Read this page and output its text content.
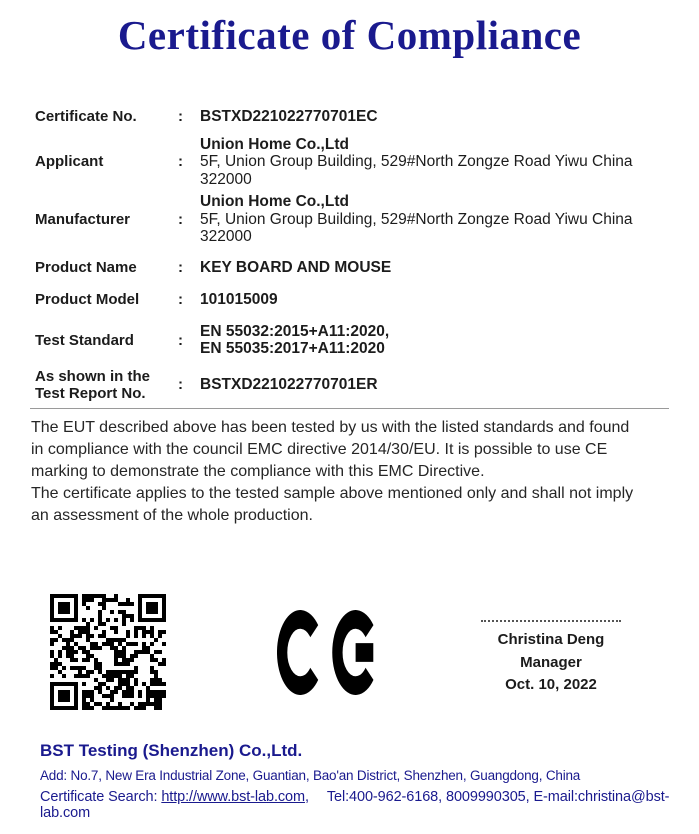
Certificate of Compliance
Certificate No.	:	BSTXD221022770701EC
Applicant	:
Union Home Co.,Ltd
5F, Union Group Building, 529#North Zongze Road Yiwu China
322000
Manufacturer	:
Union Home Co.,Ltd
5F, Union Group Building, 529#North Zongze Road Yiwu China
322000
Product Name	:	KEY BOARD AND MOUSE
Product Model	:	101015009
Test Standard	:
EN 55032:2015+A11:2020,
EN 55035:2017+A11:2020
As shown in the
Test Report No.	:	BSTXD221022770701ER
The EUT described above has been tested by us with the listed standards and found
in compliance with the council EMC directive 2014/30/EU. It is possible to use CE
marking to demonstrate the compliance with this EMC Directive.
The certificate applies to the tested sample above mentioned only and shall not imply
an assessment of the whole production.
Christina Deng
Manager
Oct. 10, 2022
BST Testing (Shenzhen) Co.,Ltd.
Add: No.7, New Era Industrial Zone, Guantian, Bao'an District, Shenzhen, Guangdong, China
Certificate Search: http://www.bst-lab.com, Tel:400-962-6168, 8009990305, E-mail:christina@bst-lab.com
